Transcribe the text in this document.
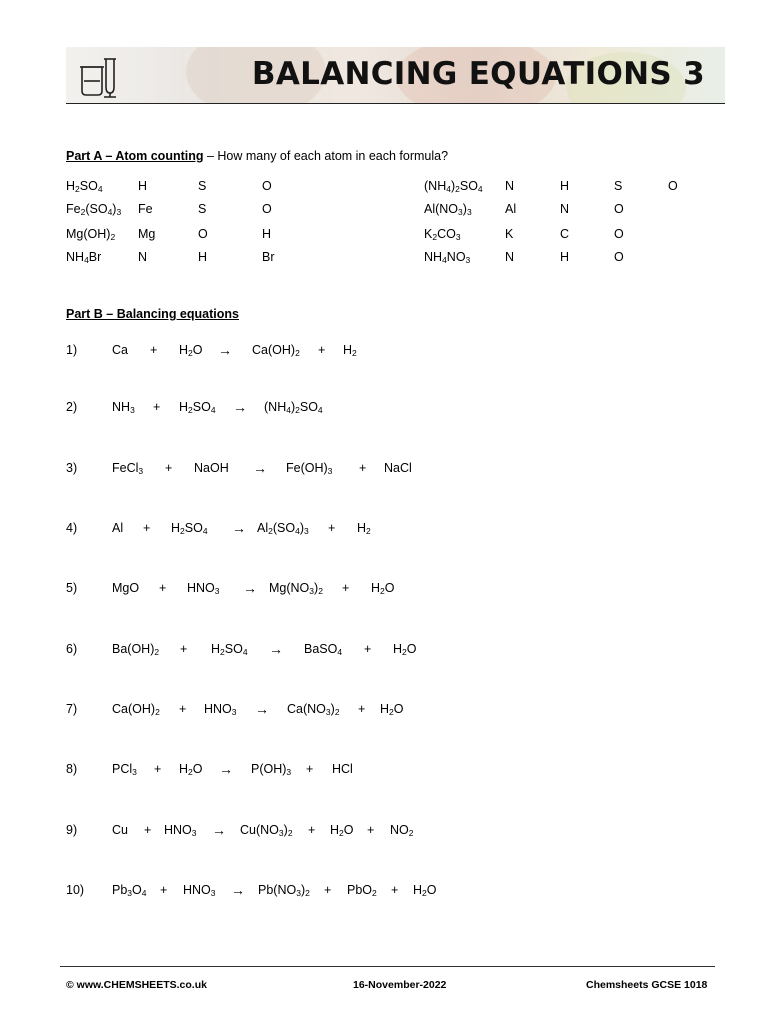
BALANCING EQUATIONS 3
Part A – Atom counting – How many of each atom in each formula?
$H_2SO_4$	H	S	O
$Fe_2(SO_4)_3$ Fe	S	O
$Mg(OH)_2$ Mg	O	H
$NH_4Br$	N	H	Br
$(NH_4)_2SO_4$ N	H	S	O
$Al(NO_3)_3$	Al	N	O
$K_2CO_3$	K	C	O
$NH_4NO_3$	N	H	O
Part B – Balancing equations
1)	$Ca + H_2O \to Ca(OH)_2 + H_2$
2)	$NH_3 + H_2SO_4 \to (NH_4)_2SO_4$
3)	FeCl$_3$ + NaOH → $Fe(OH)_3$ + NaCl
4)	$Al + H_2SO_4 \to Al_2(SO_4)_3 + H_2$
5)	MgO + $HNO_3 \to Mg(NO_3)_2 + H_2O$
6)	$Ba(OH)_2 + H_2SO_4$ → BaSO$_4$ + $H_2O$
7)	$Ca(OH)_2 + HNO_3 \to Ca(NO_3)_2 + H_2O$
8)	$PCl_3 + H_2O \to P(OH)_3$ + HCl
9)	$Cu + HNO_3 \to Cu(NO_3)_2 + H_2O + NO_2$
10) $Pb_3O_4 + HNO_3 \to Pb(NO_3)_2 + PbO_2 + H_2O$
© www.CHEMSHEETS.co.uk	16-November-2022	Chemsheets GCSE 1018
